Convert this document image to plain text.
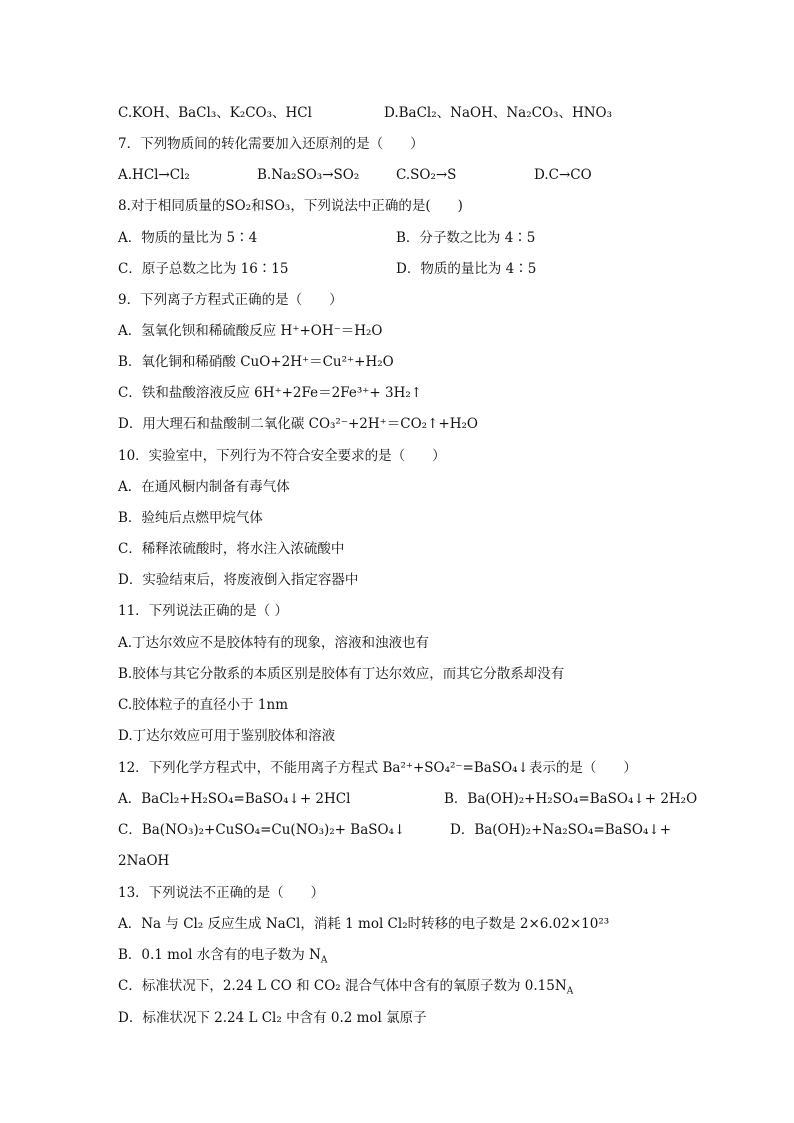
C.KOH、BaCl₃、K₂CO₃、HCl	D.BaCl₂、NaOH、Na₂CO₃、HNO₃
7．下列物质间的转化需要加入还原剂的是（　　）
A.HCl→Cl₂	B.Na₂SO₃→SO₂	C.SO₂→S	D.C→CO
8.对于相同质量的SO₂和SO₃，下列说法中正确的是(　　)
A．物质的量比为 5∶4	B．分子数之比为 4∶5
C．原子总数之比为 16∶15	D．物质的量比为 4∶5
9．下列离子方程式正确的是（　　）
A．氢氧化钡和稀硫酸反应 H⁺+OH⁻＝H₂O
B．氧化铜和稀硝酸 CuO+2H⁺＝Cu²⁺+H₂O
C．铁和盐酸溶液反应 6H⁺+2Fe＝2Fe³⁺+ 3H₂↑
D．用大理石和盐酸制二氧化碳 CO₃²⁻+2H⁺＝CO₂↑+H₂O
10．实验室中，下列行为不符合安全要求的是（　　）
A．在通风橱内制备有毒气体
B．验纯后点燃甲烷气体
C．稀释浓硫酸时，将水注入浓硫酸中
D．实验结束后，将废液倒入指定容器中
11．下列说法正确的是（ ）
A.丁达尔效应不是胶体特有的现象，溶液和浊液也有
B.胶体与其它分散系的本质区别是胶体有丁达尔效应，而其它分散系却没有
C.胶体粒子的直径小于 1nm
D.丁达尔效应可用于鉴别胶体和溶液
12．下列化学方程式中，不能用离子方程式 Ba²⁺+SO₄²⁻=BaSO₄↓表示的是（　　）
A．BaCl₂+H₂SO₄=BaSO₄↓+ 2HCl	B．Ba(OH)₂+H₂SO₄=BaSO₄↓+ 2H₂O
C．Ba(NO₃)₂+CuSO₄=Cu(NO₃)₂+ BaSO₄↓	D．Ba(OH)₂+Na₂SO₄=BaSO₄↓+
2NaOH
13．下列说法不正确的是（　　）
A．Na 与 Cl₂ 反应生成 NaCl，消耗 1 mol Cl₂时转移的电子数是 2×6.02×10²³
B．0.1 mol 水含有的电子数为 $N_A$
C．标准状况下，2.24 L CO 和 CO₂ 混合气体中含有的氧原子数为 $0.15N_A$
D．标准状况下 2.24 L Cl₂ 中含有 0.2 mol 氯原子
